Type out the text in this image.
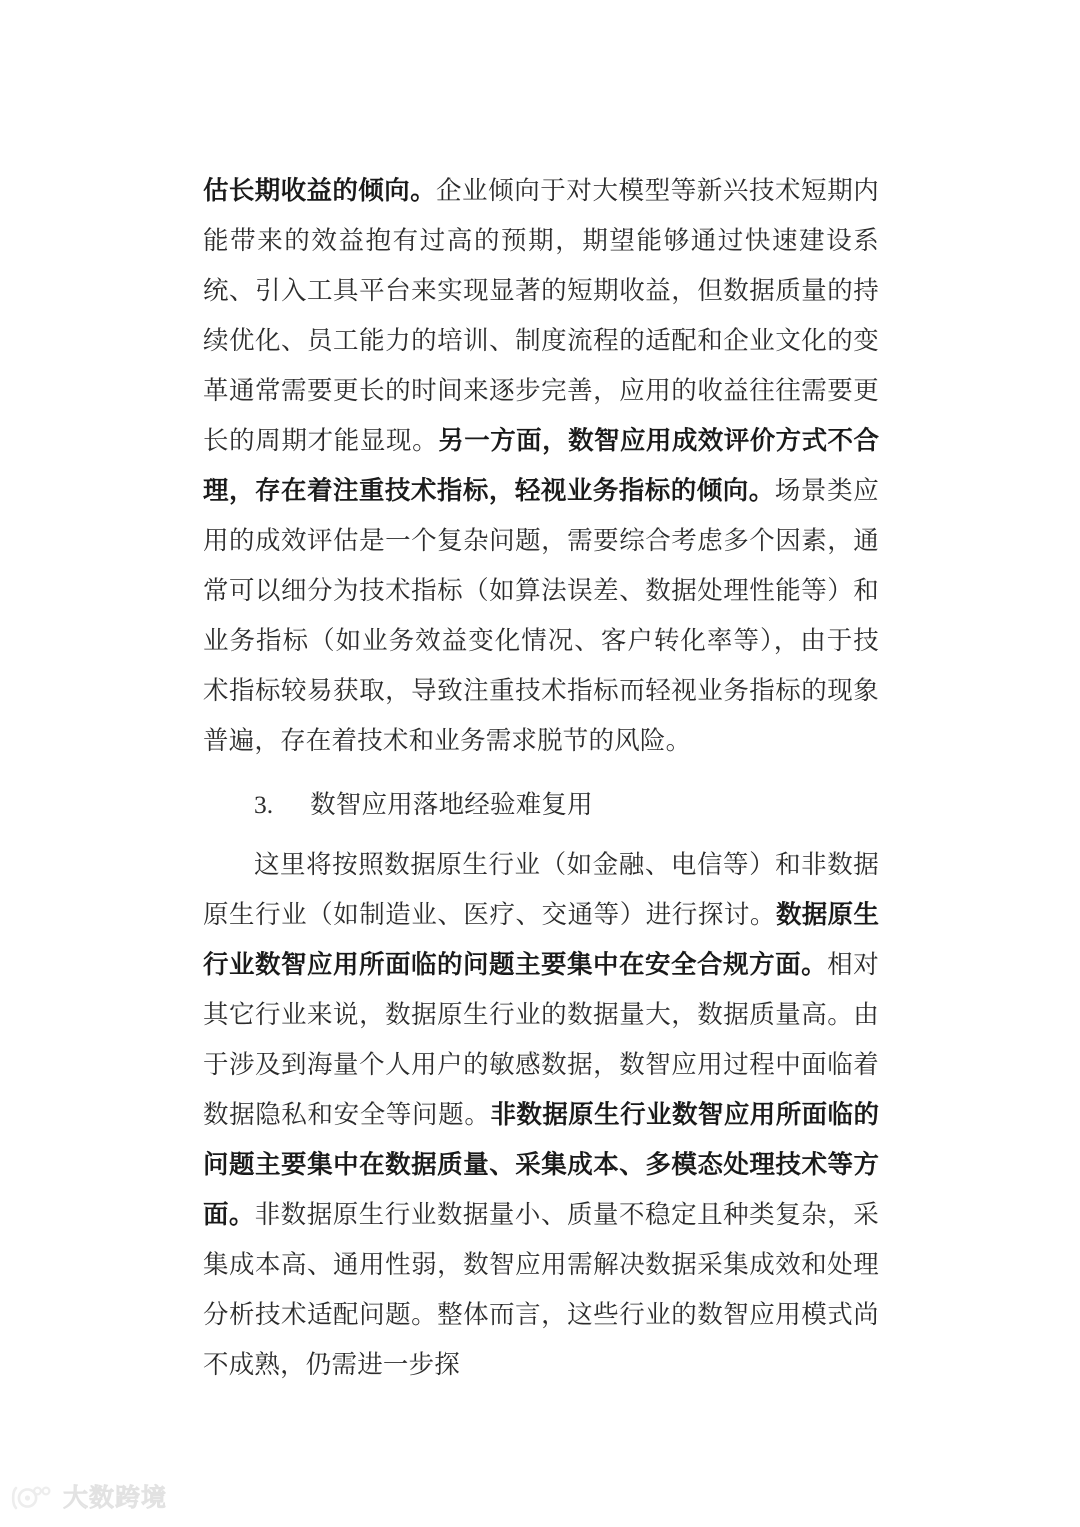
估长期收益的倾向。企业倾向于对大模型等新兴技术短期内能带来的效益抱有过高的预期，期望能够通过快速建设系统、引入工具平台来实现显著的短期收益，但数据质量的持续优化、员工能力的培训、制度流程的适配和企业文化的变革通常需要更长的时间来逐步完善，应用的收益往往需要更长的周期才能显现。另一方面，数智应用成效评价方式不合理，存在着注重技术指标，轻视业务指标的倾向。场景类应用的成效评估是一个复杂问题，需要综合考虑多个因素，通常可以细分为技术指标（如算法误差、数据处理性能等）和业务指标（如业务效益变化情况、客户转化率等），由于技术指标较易获取，导致注重技术指标而轻视业务指标的现象普遍，存在着技术和业务需求脱节的风险。

3. 数智应用落地经验难复用

这里将按照数据原生行业（如金融、电信等）和非数据原生行业（如制造业、医疗、交通等）进行探讨。数据原生行业数智应用所面临的问题主要集中在安全合规方面。相对其它行业来说，数据原生行业的数据量大，数据质量高。由于涉及到海量个人用户的敏感数据，数智应用过程中面临着数据隐私和安全等问题。非数据原生行业数智应用所面临的问题主要集中在数据质量、采集成本、多模态处理技术等方面。非数据原生行业数据量小、质量不稳定且种类复杂，采集成本高、通用性弱，数智应用需解决数据采集成效和处理分析技术适配问题。整体而言，这些行业的数智应用模式尚不成熟，仍需进一步探

大数跨境
